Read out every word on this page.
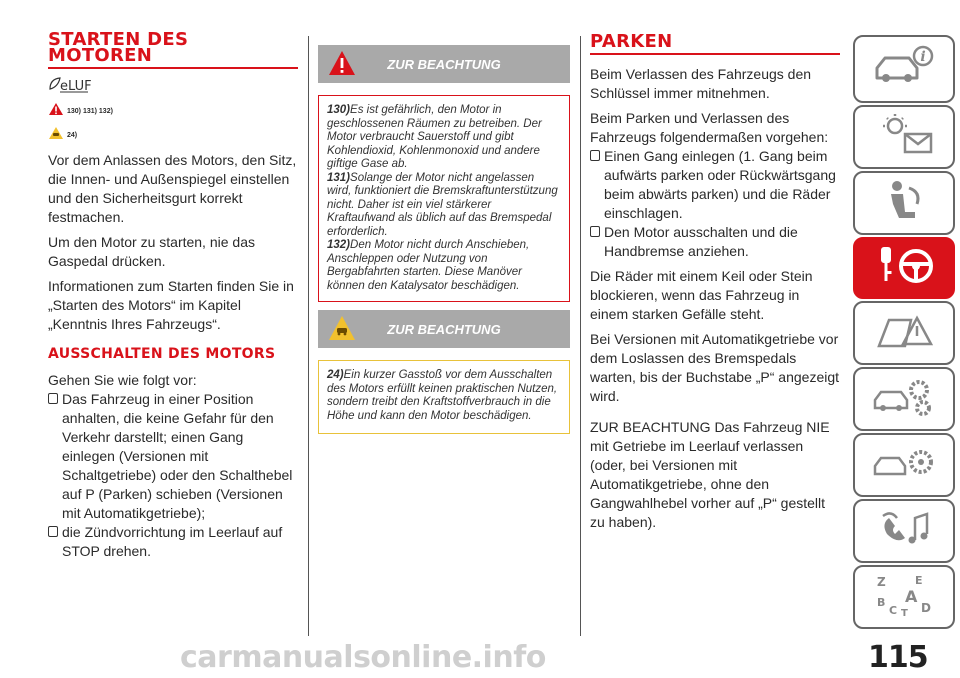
STARTEN DES MOTOREN
eLUF
130) 131) 132)
24)

Vor dem Anlassen des Motors, den Sitz, die Innen- und Außenspiegel einstellen und den Sicherheitsgurt korrekt festmachen.

Um den Motor zu starten, nie das Gaspedal drücken.

Informationen zum Starten finden Sie in „Starten des Motors“ im Kapitel „Kenntnis Ihres Fahrzeugs“.

AUSSCHALTEN DES MOTORS

Gehen Sie wie folgt vor:

Das Fahrzeug in einer Position anhalten, die keine Gefahr für den Verkehr darstellt; einen Gang einlegen (Versionen mit Schaltgetriebe) oder den Schalthebel auf P (Parken) schieben (Versionen mit Automatikgetriebe);
die Zündvorrichtung im Leerlauf auf STOP drehen.
ZUR BEACHTUNG
130)Es ist gefährlich, den Motor in geschlossenen Räumen zu betreiben. Der Motor verbraucht Sauerstoff und gibt Kohlendioxid, Kohlenmonoxid und andere giftige Gase ab.
131)Solange der Motor nicht angelassen wird, funktioniert die Bremskraftunterstützung nicht. Daher ist ein viel stärkerer Kraftaufwand als üblich auf das Bremspedal erforderlich.
132)Den Motor nicht durch Anschieben, Anschleppen oder Nutzung von Bergabfahrten starten. Diese Manöver können den Katalysator beschädigen.
ZUR BEACHTUNG
24)Ein kurzer Gasstoß vor dem Ausschalten des Motors erfüllt keinen praktischen Nutzen, sondern treibt den Kraftstoffverbrauch in die Höhe und kann den Motor beschädigen.
PARKEN

Beim Verlassen des Fahrzeugs den Schlüssel immer mitnehmen.

Beim Parken und Verlassen des Fahrzeugs folgendermaßen vorgehen:

Einen Gang einlegen (1. Gang beim aufwärts parken oder Rückwärtsgang beim abwärts parken) und die Räder einschlagen.
Den Motor ausschalten und die Handbremse anziehen.

Die Räder mit einem Keil oder Stein blockieren, wenn das Fahrzeug in einem starken Gefälle steht.

Bei Versionen mit Automatikgetriebe vor dem Loslassen des Bremspedals warten, bis der Buchstabe „P“ angezeigt wird.

ZUR BEACHTUNG Das Fahrzeug NIE mit Getriebe im Leerlauf verlassen (oder, bei Versionen mit Automatikgetriebe, ohne den Gangwahlhebel vorher auf „P“ gestellt zu haben).

i
Z	E
B A
C T D
carmanualsonline.info	115
